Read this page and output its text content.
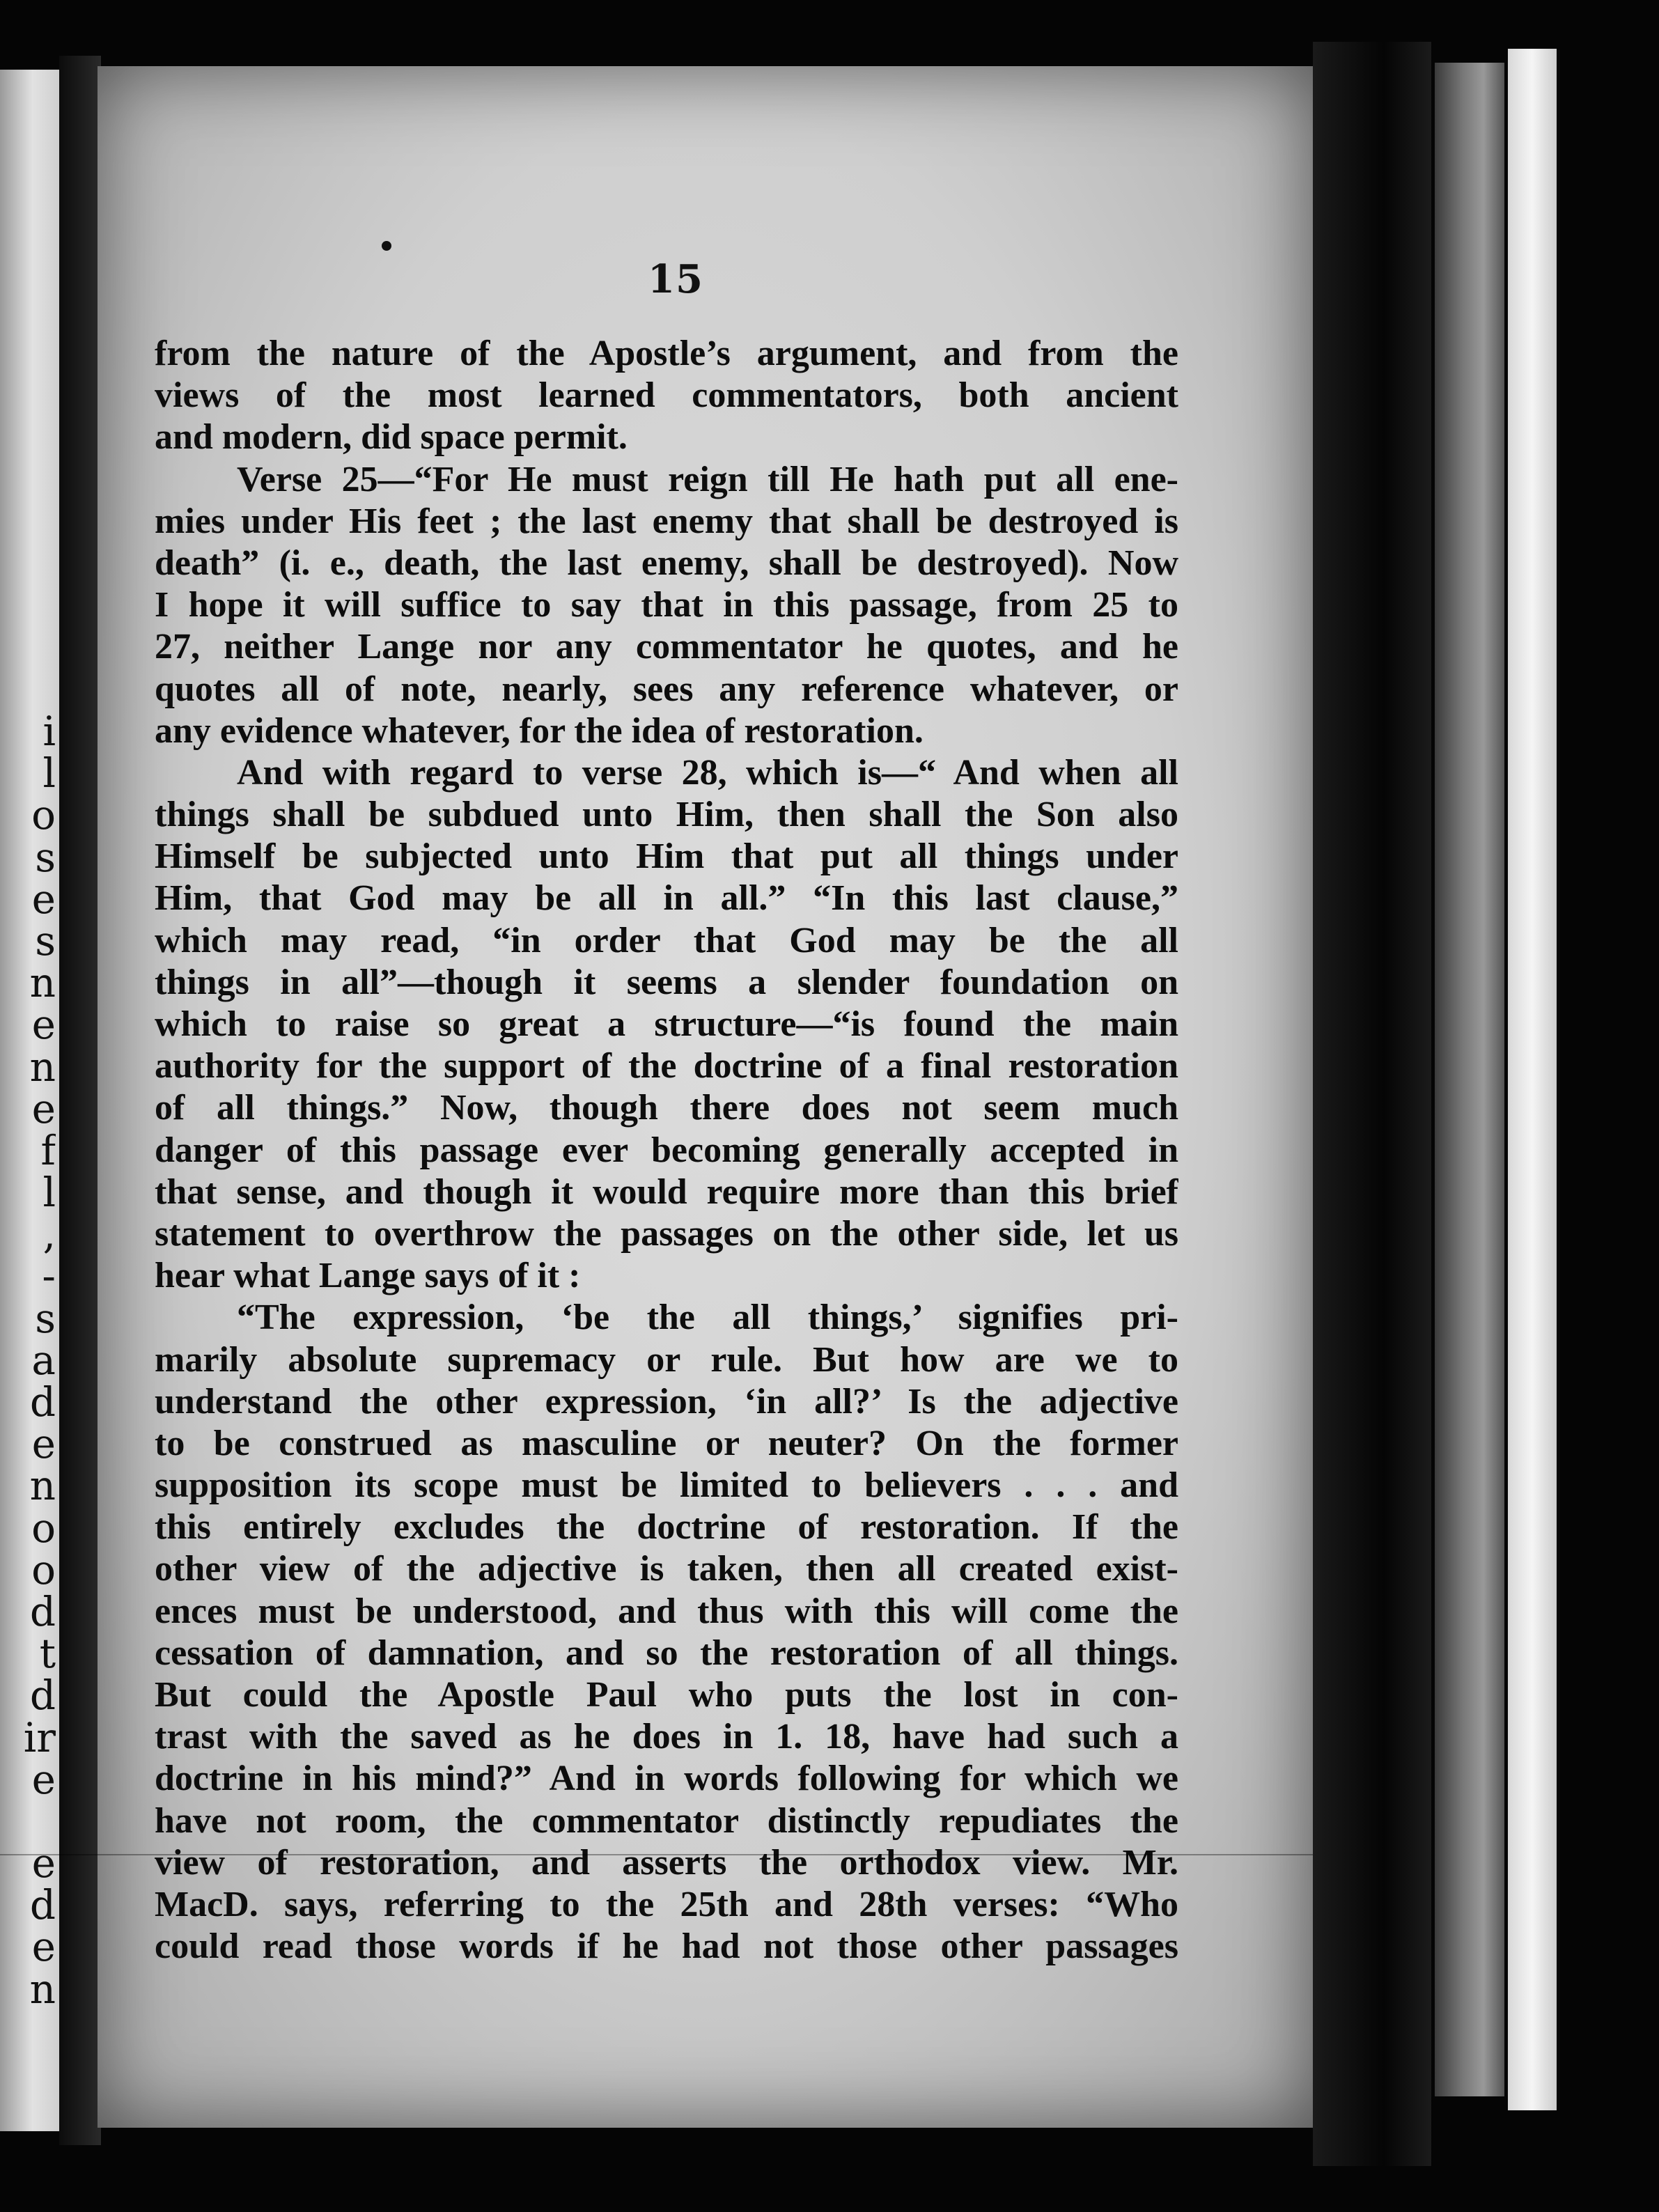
i
l
o
s
e
s
n
e
n
e
f
l
,
-
s
a
d
e
n
o
o
d
t
d
ir
e
e
d
e
n
15
from the nature of the Apostle’s argument, and from the
views of the most learned commentators, both ancient
and modern, did space permit.
Verse 25—“For He must reign till He hath put all ene-
mies under His feet ; the last enemy that shall be destroyed is
death” (i. e., death, the last enemy, shall be destroyed). Now
I hope it will suffice to say that in this passage, from 25 to
27, neither Lange nor any commentator he quotes, and he
quotes all of note, nearly, sees any reference whatever, or
any evidence whatever, for the idea of restoration.
And with regard to verse 28, which is—“ And when all
things shall be subdued unto Him, then shall the Son also
Himself be subjected unto Him that put all things under
Him, that God may be all in all.” “In this last clause,”
which may read, “in order that God may be the all
things in all”—though it seems a slender foundation on
which to raise so great a structure—“is found the main
authority for the support of the doctrine of a final restoration
of all things.” Now, though there does not seem much
danger of this passage ever becoming generally accepted in
that sense, and though it would require more than this brief
statement to overthrow the passages on the other side, let us
hear what Lange says of it :
“The expression, ‘be the all things,’ signifies pri-
marily absolute supremacy or rule. But how are we to
understand the other expression, ‘in all?’ Is the adjective
to be construed as masculine or neuter? On the former
supposition its scope must be limited to believers . . . and
this entirely excludes the doctrine of restoration. If the
other view of the adjective is taken, then all created exist-
ences must be understood, and thus with this will come the
cessation of damnation, and so the restoration of all things.
But could the Apostle Paul who puts the lost in con-
trast with the saved as he does in 1. 18, have had such a
doctrine in his mind?” And in words following for which we
have not room, the commentator distinctly repudiates the
view of restoration, and asserts the orthodox view. Mr.
MacD. says, referring to the 25th and 28th verses: “Who
could read those words if he had not those other passages
